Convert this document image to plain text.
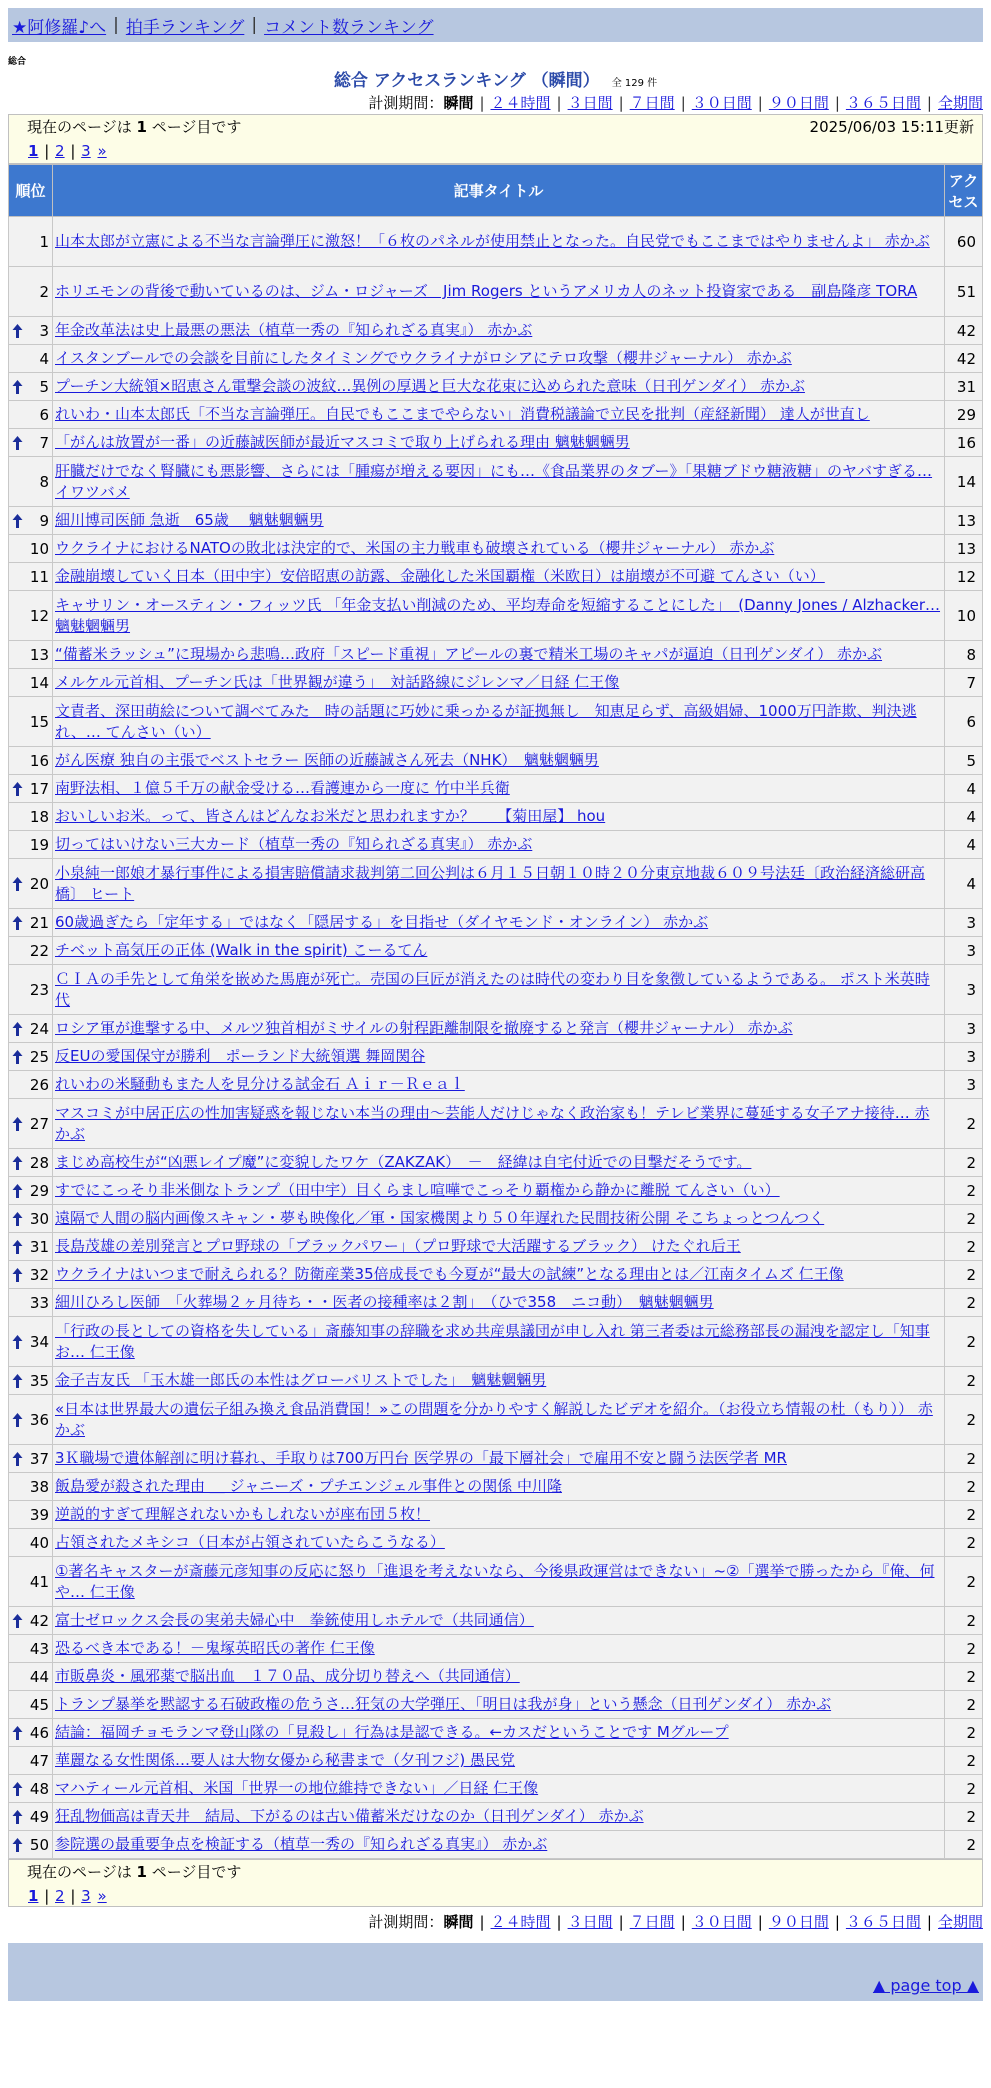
★阿修羅♪へ | 拍手ランキング | コメント数ランキング
総合
総合 アクセスランキング （瞬間） 全 129 件
計測期間：瞬間 | ２４時間 | ３日間 | ７日間 | ３０日間 | ９０日間 | ３６５日間 | 全期間
現在のページは 1 ページ目です	2025/06/03 15:11更新
1 | 2 | 3 »
順位	記事タイトル	アクセス
1	山本太郎が立憲による不当な言論弾圧に激怒！「６枚のパネルが使用禁止となった。自民党でもここまではやりませんよ」 赤かぶ	60
2	ホリエモンの背後で動いているのは、ジム・ロジャーズ　Jim Rogers というアメリカ人のネット投資家である　副島隆彦 TORA	51

3	年金改革法は史上最悪の悪法（植草一秀の『知られざる真実』） 赤かぶ	42
4	イスタンブールでの会談を目前にしたタイミングでウクライナがロシアにテロ攻撃（櫻井ジャーナル） 赤かぶ	42

5	プーチン大統領×昭恵さん電撃会談の波紋…異例の厚遇と巨大な花束に込められた意味（日刊ゲンダイ） 赤かぶ	31
6	れいわ・山本太郎氏「不当な言論弾圧。自民でもここまでやらない」消費税議論で立民を批判（産経新聞） 達人が世直し	29

7	「がんは放置が一番」の近藤誠医師が最近マスコミで取り上げられる理由 魑魅魍魎男	16
8	肝臓だけでなく腎臓にも悪影響、さらには「腫瘍が増える要因」にも…《食品業界のタブー》「果糖ブドウ糖液糖」のヤバすぎる… イワツバメ	14

9	細川博司医師 急逝　65歳　 魑魅魍魎男	13
10	ウクライナにおけるNATOの敗北は決定的で、米国の主力戦車も破壊されている（櫻井ジャーナル） 赤かぶ	13
11	金融崩壊していく日本（田中宇）安倍昭恵の訪露、金融化した米国覇権（米欧日）は崩壊が不可避 てんさい（い）	12
12	キャサリン・オースティン・フィッツ氏 「年金支払い削減のため、平均寿命を短縮することにした」　(Danny Jones / Alzhacker… 魑魅魍魎男	10
13	“備蓄米ラッシュ”に現場から悲鳴…政府「スピード重視」アピールの裏で精米工場のキャパが逼迫（日刊ゲンダイ） 赤かぶ	8
14	メルケル元首相、プーチン氏は「世界観が違う」　対話路線にジレンマ／日経 仁王像	7
15	文責者、深田萌絵について調べてみた　時の話題に巧妙に乗っかるが証拠無し　知恵足らず、高級娼婦、1000万円詐欺、判決逃れ、… てんさい（い）	6
16	がん医療 独自の主張でベストセラー 医師の近藤誠さん死去（NHK）　魑魅魍魎男	5

17	南野法相、１億５千万の献金受ける…看護連から一度に 竹中半兵衛	4
18	おいしいお米。って、皆さんはどんなお米だと思われますか？　　【菊田屋】 hou	4
19	切ってはいけない三大カード（植草一秀の『知られざる真実』） 赤かぶ	4

20	小泉純一郎娘才暴行事件による損害賠償請求裁判第二回公判は６月１５日朝１０時２０分東京地裁６０９号法廷〔政治経済総研高橋〕 ヒート	4

21	60歳過ぎたら「定年する」ではなく「隠居する」を目指せ（ダイヤモンド・オンライン） 赤かぶ	3
22	チベット高気圧の正体 (Walk in the spirit) こーるてん	3
23	ＣＩＡの手先として角栄を嵌めた馬鹿が死亡。売国の巨匠が消えたのは時代の変わり目を象徴しているようである。 ポスト米英時代	3

24	ロシア軍が進撃する中、メルツ独首相がミサイルの射程距離制限を撤廃すると発言（櫻井ジャーナル） 赤かぶ	3

25	反EUの愛国保守が勝利　ポーランド大統領選 舞岡関谷	3
26	れいわの米騒動もまた人を見分ける試金石 Ａｉｒ－Ｒｅａｌ	3

27	マスコミが中居正広の性加害疑惑を報じない本当の理由～芸能人だけじゃなく政治家も！テレビ業界に蔓延する女子アナ接待… 赤かぶ	2

28	まじめ高校生が“凶悪レイプ魔”に変貌したワケ（ZAKZAK）　－　経緯は自宅付近での目撃だそうです。	2

29	すでにこっそり非米側なトランプ（田中宇）目くらまし喧嘩でこっそり覇権から静かに離脱 てんさい（い）	2

30	遠隔で人間の脳内画像スキャン・夢も映像化／軍・国家機関より５０年遅れた民間技術公開 そこちょっとつんつく	2

31	長島茂雄の差別発言とプロ野球の「ブラックパワー」（プロ野球で大活躍するブラック） けたぐれ后王	2

32	ウクライナはいつまで耐えられる？防衛産業35倍成長でも今夏が“最大の試練”となる理由とは／江南タイムズ 仁王像	2
33	細川ひろし医師　「火葬場２ヶ月待ち・・医者の接種率は２割」　（ひで358　ニコ動）　魑魅魍魎男	2

34	「行政の長としての資格を失している」斎藤知事の辞職を求め共産県議団が申し入れ 第三者委は元総務部長の漏洩を認定し「知事お… 仁王像	2

35	金子吉友氏 「玉木雄一郎氏の本性はグローバリストでした」　魑魅魍魎男	2

36	«日本は世界最大の遺伝子組み換え食品消費国！»この問題を分かりやすく解説したビデオを紹介。（お役立ち情報の杜（もり）） 赤かぶ	2

37	3Ｋ職場で遺体解剖に明け暮れ、手取りは700万円台 医学界の「最下層社会」で雇用不安と闘う法医学者 MR	2
38	飯島愛が殺された理由 ＿ ジャニーズ・プチエンジェル事件との関係 中川隆	2
39	逆説的すぎて理解されないかもしれないが座布団５枚！	2
40	占領されたメキシコ（日本が占領されていたらこうなる）	2
41	①著名キャスターが斎藤元彦知事の反応に怒り「進退を考えないなら、今後県政運営はできない」~②「選挙で勝ったから『俺、何や… 仁王像	2

42	富士ゼロックス会長の実弟夫婦心中　拳銃使用しホテルで（共同通信）	2
43	恐るべき本である！－鬼塚英昭氏の著作 仁王像	2
44	市販鼻炎・風邪薬で脳出血　１７０品、成分切り替えへ（共同通信）	2
45	トランプ暴挙を黙認する石破政権の危うさ…狂気の大学弾圧、「明日は我が身」という懸念（日刊ゲンダイ） 赤かぶ	2

46	結論：福岡チョモランマ登山隊の「見殺し」行為は是認できる。←カスだということです Mグループ	2
47	華麗なる女性関係…要人は大物女優から秘書まで（夕刊フジ) 愚民党	2

48	マハティール元首相、米国「世界一の地位維持できない」／日経 仁王像	2

49	狂乱物価高は青天井　結局、下がるのは古い備蓄米だけなのか（日刊ゲンダイ） 赤かぶ	2

50	参院選の最重要争点を検証する（植草一秀の『知られざる真実』） 赤かぶ	2
現在のページは 1 ページ目です
1 | 2 | 3 »
計測期間：瞬間 | ２４時間 | ３日間 | ７日間 | ３０日間 | ９０日間 | ３６５日間 | 全期間
▲ page top ▲
